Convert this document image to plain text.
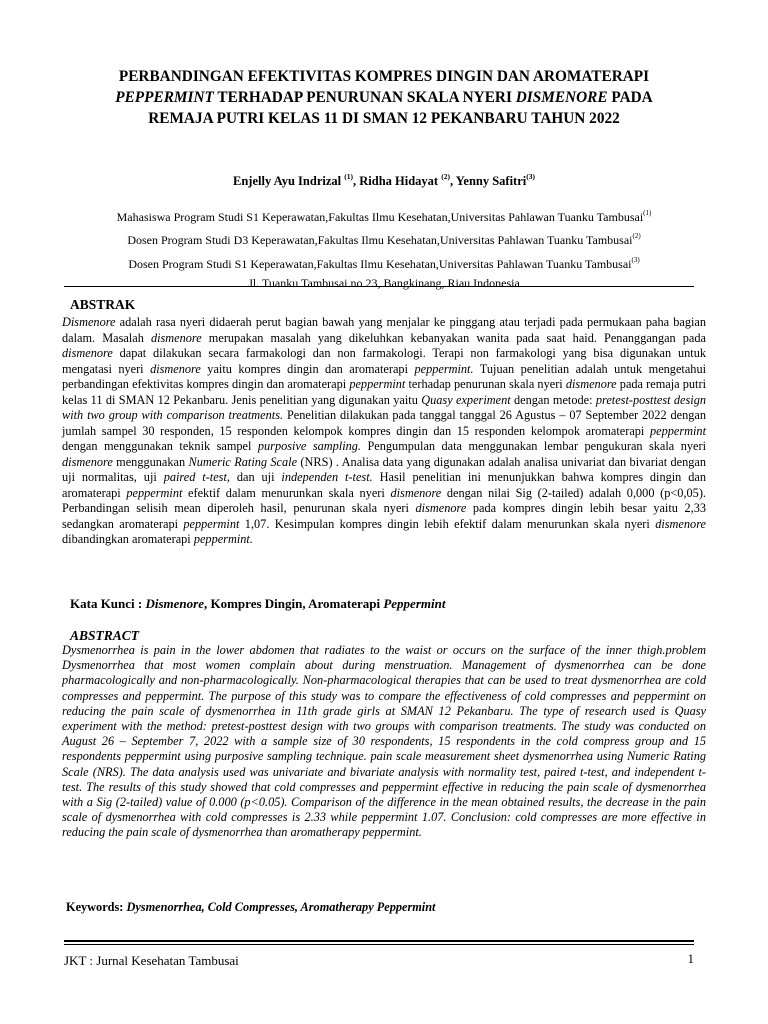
PERBANDINGAN EFEKTIVITAS KOMPRES DINGIN DAN AROMATERAPI
PEPPERMINT TERHADAP PENURUNAN SKALA NYERI DISMENORE PADA
REMAJA PUTRI KELAS 11 DI SMAN 12 PEKANBARU TAHUN 2022
Enjelly Ayu Indrizal $^{(1)}$, Ridha Hidayat $^{(2)}$, Yenny Safitri$^{(3)}$
Mahasiswa Program Studi S1 Keperawatan,Fakultas Ilmu Kesehatan,Universitas Pahlawan Tuanku Tambusai$^{(1)}$
Dosen Program Studi D3 Keperawatan,Fakultas Ilmu Kesehatan,Universitas Pahlawan Tuanku Tambusai$^{(2)}$
Dosen Program Studi S1 Keperawatan,Fakultas Ilmu Kesehatan,Universitas Pahlawan Tuanku Tambusai$^{(3)}$
Jl. Tuanku Tambusai no 23, Bangkinang, Riau Indonesia
ABSTRAK
Dismenore adalah rasa nyeri didaerah perut bagian bawah yang menjalar ke pinggang atau terjadi pada permukaan paha bagian dalam. Masalah dismenore merupakan masalah yang dikeluhkan kebanyakan wanita pada saat haid. Penanggangan pada dismenore dapat dilakukan secara farmakologi dan non farmakologi. Terapi non farmakologi yang bisa digunakan untuk mengatasi nyeri dismenore yaitu kompres dingin dan aromaterapi peppermint. Tujuan penelitian adalah untuk mengetahui perbandingan efektivitas kompres dingin dan aromaterapi peppermint terhadap penurunan skala nyeri dismenore pada remaja putri kelas 11 di SMAN 12 Pekanbaru. Jenis penelitian yang digunakan yaitu Quasy experiment dengan metode: pretest-posttest design with two group with comparison treatments. Penelitian dilakukan pada tanggal tanggal 26 Agustus – 07 September 2022 dengan jumlah sampel 30 responden, 15 responden kelompok kompres dingin dan 15 responden kelompok aromaterapi peppermint dengan menggunakan teknik sampel purposive sampling. Pengumpulan data menggunakan lembar pengukuran skala nyeri dismenore menggunakan Numeric Rating Scale (NRS) . Analisa data yang digunakan adalah analisa univariat dan bivariat dengan uji normalitas, uji paired t-test, dan uji independen t-test. Hasil penelitian ini menunjukkan bahwa kompres dingin dan aromaterapi peppermint efektif dalam menurunkan skala nyeri dismenore dengan nilai Sig (2-tailed) adalah 0,000 (p<0,05). Perbandingan selisih mean diperoleh hasil, penurunan skala nyeri dismenore pada kompres dingin lebih besar yaitu 2,33 sedangkan aromaterapi peppermint 1,07. Kesimpulan kompres dingin lebih efektif dalam menurunkan skala nyeri dismenore dibandingkan aromaterapi peppermint.
Kata Kunci : Dismenore, Kompres Dingin, Aromaterapi Peppermint
ABSTRACT
Dysmenorrhea is pain in the lower abdomen that radiates to the waist or occurs on the surface of the inner thigh.problem Dysmenorrhea that most women complain about during menstruation. Management of dysmenorrhea can be done pharmacologically and non-pharmacologically. Non-pharmacological therapies that can be used to treat dysmenorrhea are cold compresses and peppermint. The purpose of this study was to compare the effectiveness of cold compresses and peppermint on reducing the pain scale of dysmenorrhea in 11th grade girls at SMAN 12 Pekanbaru. The type of research used is Quasy experiment with the method: pretest-posttest design with two groups with comparison treatments. The study was conducted on August 26 – September 7, 2022 with a sample size of 30 respondents, 15 respondents in the cold compress group and 15 respondents peppermint using purposive sampling technique. pain scale measurement sheet dysmenorrhea using Numeric Rating Scale (NRS). The data analysis used was univariate and bivariate analysis with normality test, paired t-test, and independent t-test. The results of this study showed that cold compresses and peppermint effective in reducing the pain scale of dysmenorrhea with a Sig (2-tailed) value of 0.000 (p<0.05). Comparison of the difference in the mean obtained results, the decrease in the pain scale of dysmenorrhea with cold compresses is 2.33 while peppermint 1.07. Conclusion: cold compresses are more effective in reducing the pain scale of dysmenorrhea than aromatherapy peppermint.
Keywords: Dysmenorrhea, Cold Compresses, Aromatherapy Peppermint
JKT : Jurnal Kesehatan Tambusai	1
